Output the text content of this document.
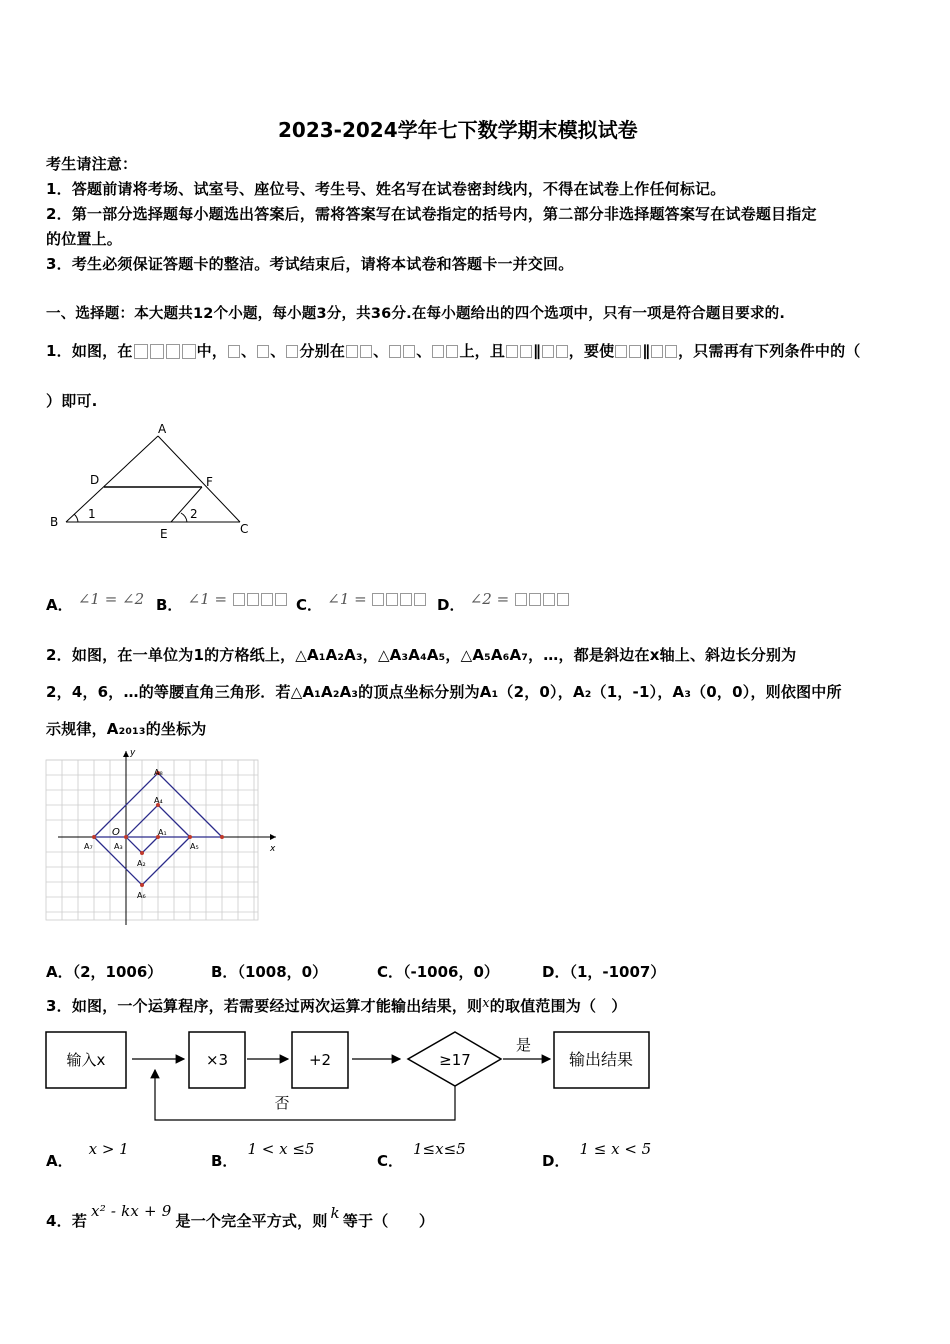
2023-2024学年七下数学期末模拟试卷
考生请注意：
1．答题前请将考场、试室号、座位号、考生号、姓名写在试卷密封线内，不得在试卷上作任何标记。
2．第一部分选择题每小题选出答案后，需将答案写在试卷指定的括号内，第二部分非选择题答案写在试卷题目指定
的位置上。
3．考生必须保证答题卡的整洁。考试结束后，请将本试卷和答题卡一并交回。
一、选择题：本大题共12个小题，每小题3分，共36分.在每小题给出的四个选项中，只有一项是符合题目要求的.
1．如图，在	中， 、 、 分别在 、 、 上，且 ∥ ，要使 ∥ ，只需再有下列条件中的（
）即可.
A
D	F
B
1	2
E	C
A． ∠1 = ∠2 B． ∠1 =	C． ∠1 =	D． ∠2 =
2．如图，在一单位为1的方格纸上，△A₁A₂A₃，△A₃A₄A₅，△A₅A₆A₇，…，都是斜边在x轴上、斜边长分别为
2，4，6，…的等腰直角三角形．若△A₁A₂A₃的顶点坐标分别为A₁（2，0），A₂（1，-1），A₃（0，0），则依图中所
示规律，A₂₀₁₃的坐标为
y
x
O
A₈
A₄
A₁
A₃
A₂
A₅
A₇
A₆
A．（2，1006）	B．（1008，0）	C．（-1006，0）	D．（1，-1007）
3．如图，一个运算程序，若需要经过两次运算才能输出结果，则x的取值范围为（　）
输入x	×3	+2	≥17
是
输出结果
否
A．x > 1
B．1 < x ≤5
C．1≤x≤5
D．1 ≤ x < 5
4．若x² - kx + 9是一个完全平方式，则 k 等于（　　）
